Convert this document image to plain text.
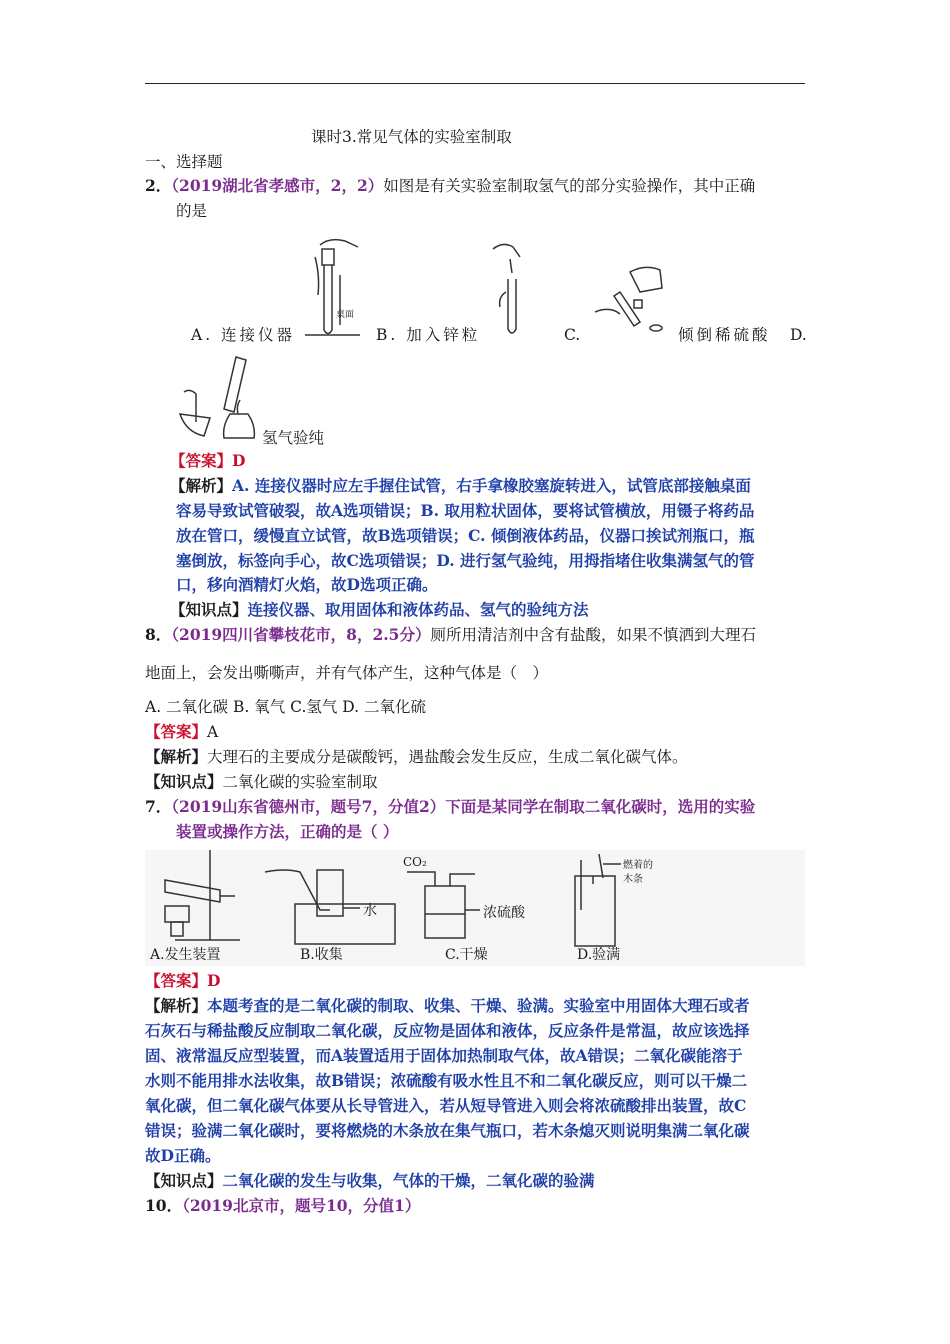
课时3.常见气体的实验室制取
一、选择题
2．（2019湖北省孝感市，2，2）如图是有关实验室制取氢气的部分实验操作，其中正确
的是
桌面
A. 连接仪器	B. 加入锌粒	C.	倾倒稀硫酸 D.
氢气验纯
【答案】D
【解析】A. 连接仪器时应左手握住试管，右手拿橡胶塞旋转进入，试管底部接触桌面
容易导致试管破裂，故A选项错误；B. 取用粒状固体，要将试管横放，用镊子将药品
放在管口，缓慢直立试管，故B选项错误；C. 倾倒液体药品，仪器口挨试剂瓶口，瓶
塞倒放，标签向手心，故C选项错误；D. 进行氢气验纯，用拇指堵住收集满氢气的管
口，移向酒精灯火焰，故D选项正确。
【知识点】连接仪器、取用固体和液体药品、氢气的验纯方法
8．（2019四川省攀枝花市，8，2.5分）厕所用清洁剂中含有盐酸，如果不慎洒到大理石
地面上，会发出嘶嘶声，并有气体产生，这种气体是（　）
A. 二氧化碳 B. 氧气 C.氢气 D. 二氧化硫
【答案】A
【解析】大理石的主要成分是碳酸钙，遇盐酸会发生反应，生成二氧化碳气体。
【知识点】二氧化碳的实验室制取
7．（2019山东省德州市，题号7，分值2）下面是某同学在制取二氧化碳时，选用的实验
装置或操作方法，正确的是（ ）
A.发生装置	B.收集	C.干燥	D.验满
水	浓硫酸
CO₂	燃着的
木条
【答案】D
【解析】本题考查的是二氧化碳的制取、收集、干燥、验满。实验室中用固体大理石或者
石灰石与稀盐酸反应制取二氧化碳，反应物是固体和液体，反应条件是常温，故应该选择
固、液常温反应型装置，而A装置适用于固体加热制取气体，故A错误；二氧化碳能溶于
水则不能用排水法收集，故B错误；浓硫酸有吸水性且不和二氧化碳反应，则可以干燥二
氧化碳，但二氧化碳气体要从长导管进入，若从短导管进入则会将浓硫酸排出装置，故C
错误；验满二氧化碳时，要将燃烧的木条放在集气瓶口，若木条熄灭则说明集满二氧化碳
故D正确。
【知识点】二氧化碳的发生与收集，气体的干燥，二氧化碳的验满
10．（2019北京市，题号10，分值1）
